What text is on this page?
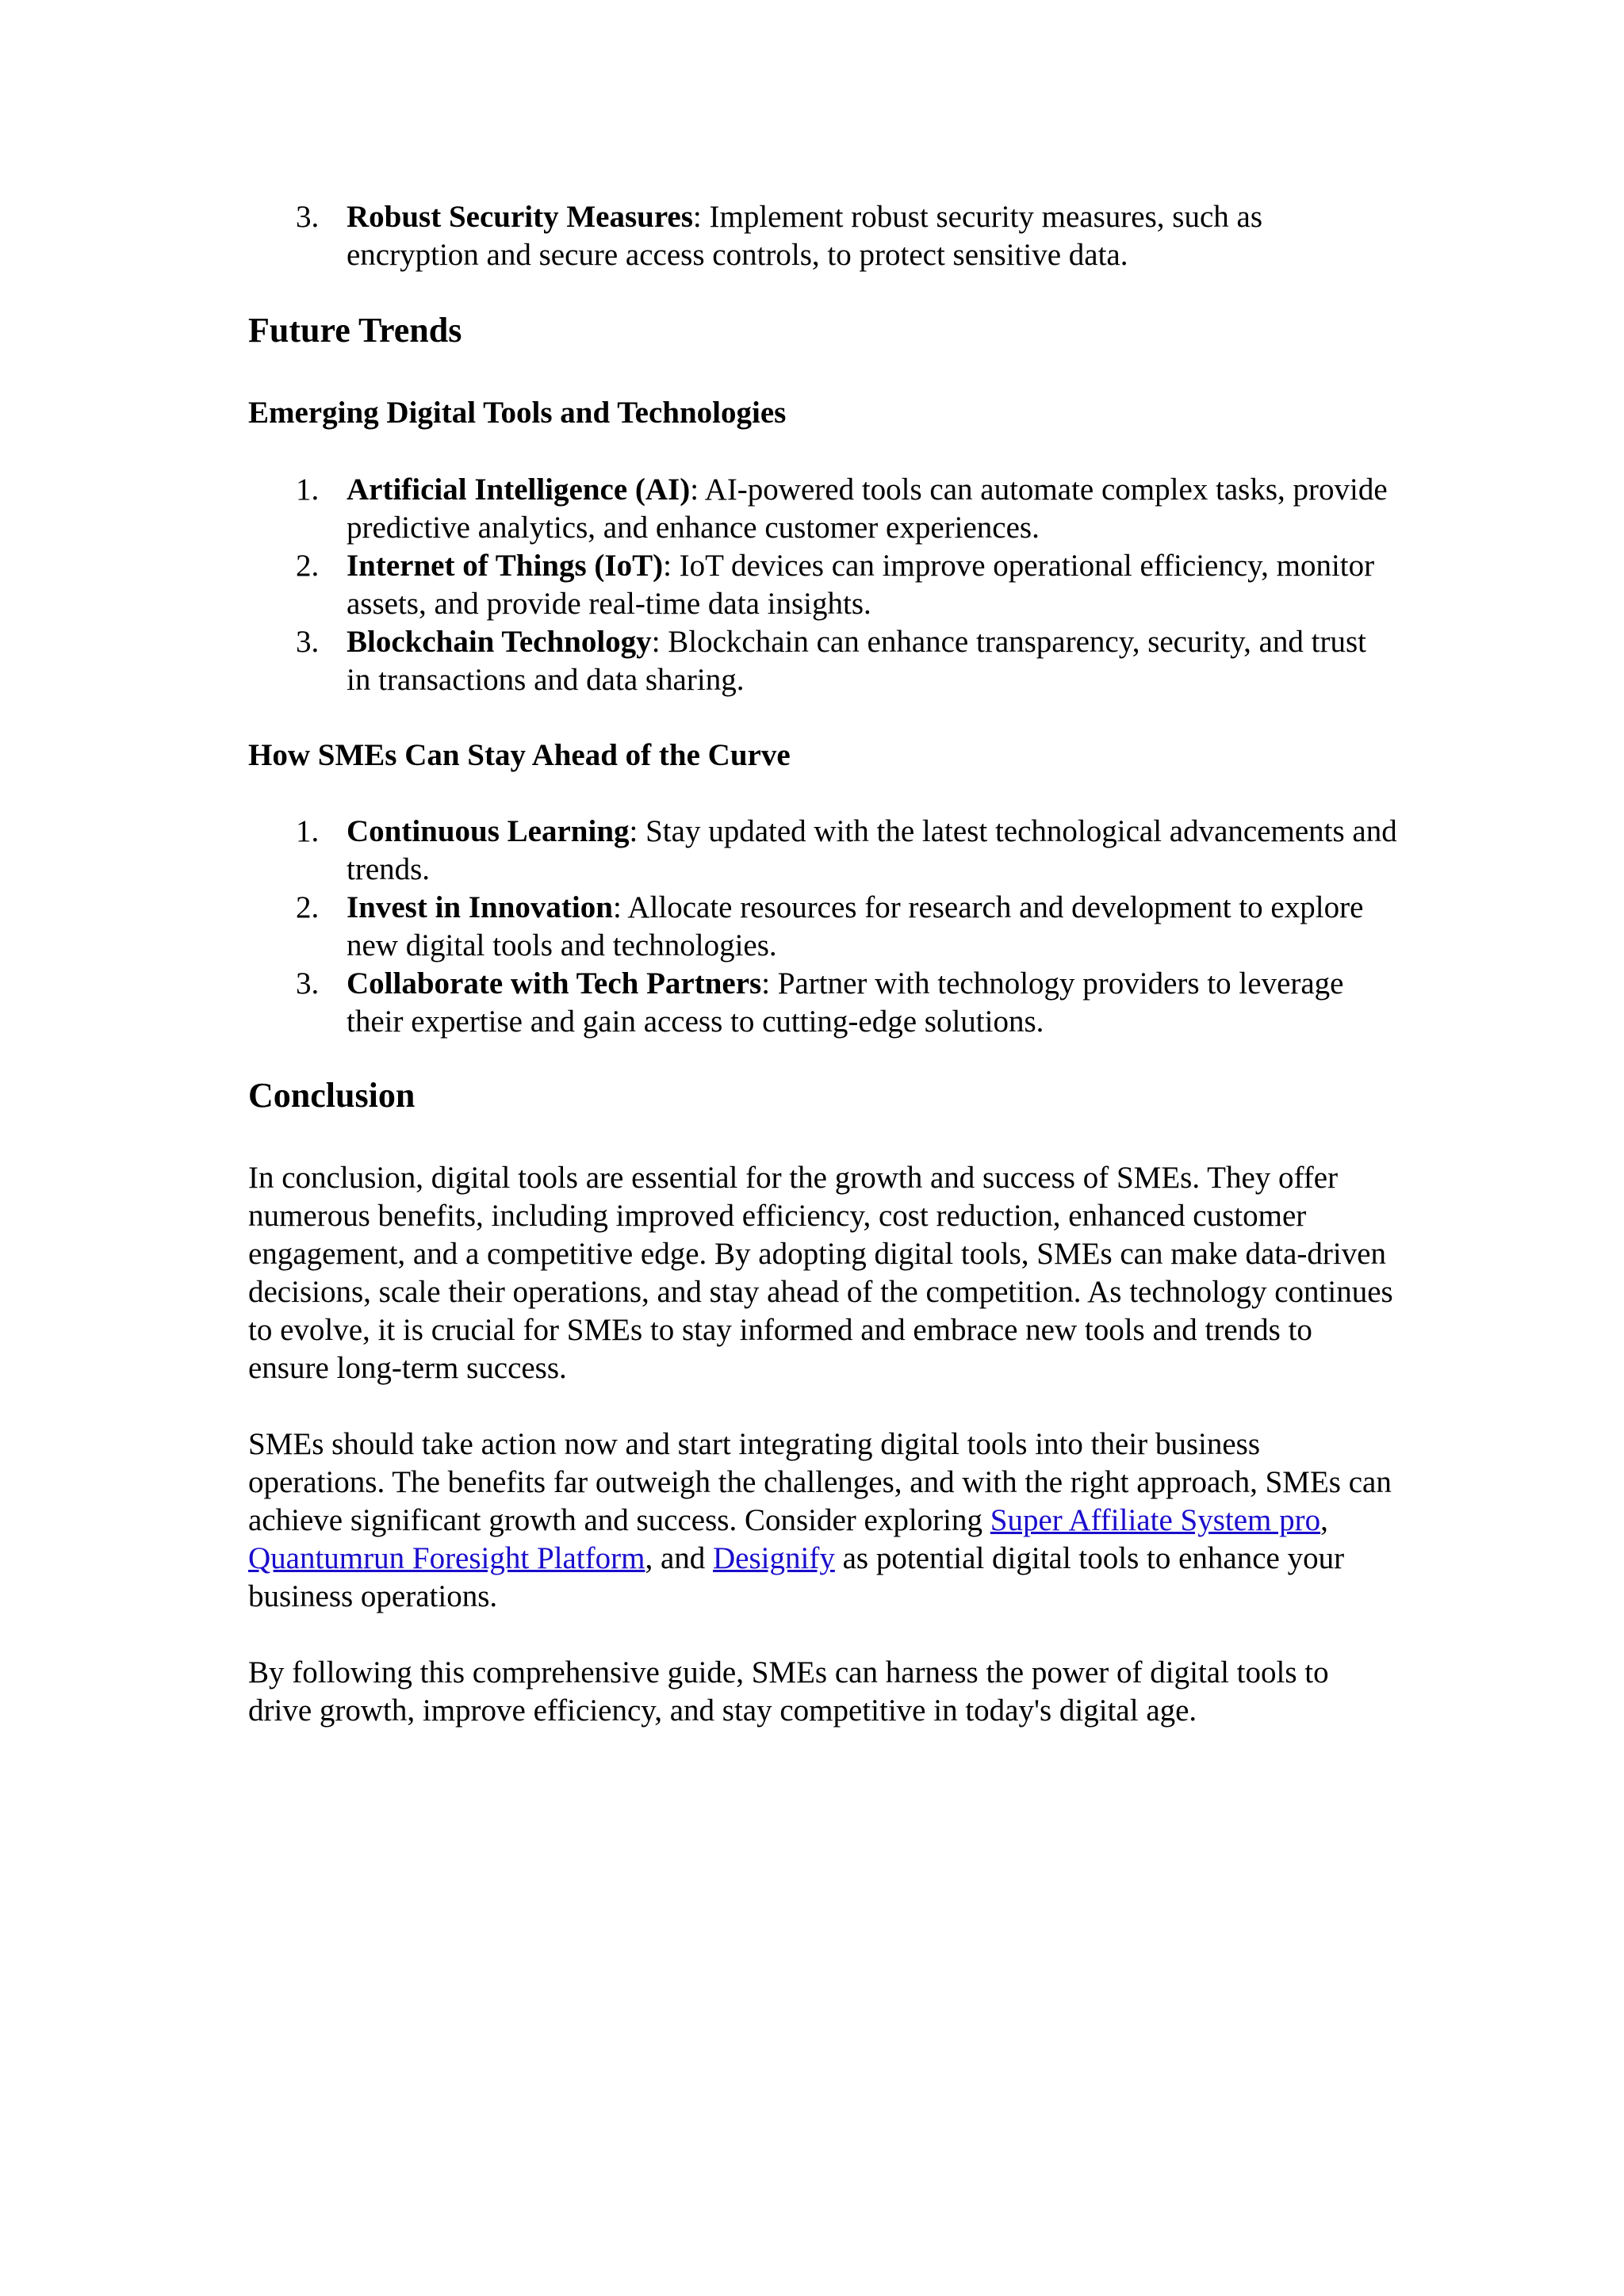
3. Robust Security Measures: Implement robust security measures, such as encryption and secure access controls, to protect sensitive data.
Future Trends
Emerging Digital Tools and Technologies
1. Artificial Intelligence (AI): AI-powered tools can automate complex tasks, provide predictive analytics, and enhance customer experiences.
2. Internet of Things (IoT): IoT devices can improve operational efficiency, monitor assets, and provide real-time data insights.
3. Blockchain Technology: Blockchain can enhance transparency, security, and trust in transactions and data sharing.
How SMEs Can Stay Ahead of the Curve
1. Continuous Learning: Stay updated with the latest technological advancements and trends.
2. Invest in Innovation: Allocate resources for research and development to explore new digital tools and technologies.
3. Collaborate with Tech Partners: Partner with technology providers to leverage their expertise and gain access to cutting-edge solutions.
Conclusion

In conclusion, digital tools are essential for the growth and success of SMEs. They offer numerous benefits, including improved efficiency, cost reduction, enhanced customer engagement, and a competitive edge. By adopting digital tools, SMEs can make data-driven decisions, scale their operations, and stay ahead of the competition. As technology continues to evolve, it is crucial for SMEs to stay informed and embrace new tools and trends to ensure long-term success.

SMEs should take action now and start integrating digital tools into their business operations. The benefits far outweigh the challenges, and with the right approach, SMEs can achieve significant growth and success. Consider exploring Super Affiliate System pro, Quantumrun Foresight Platform, and Designify as potential digital tools to enhance your business operations.

By following this comprehensive guide, SMEs can harness the power of digital tools to drive growth, improve efficiency, and stay competitive in today's digital age.
